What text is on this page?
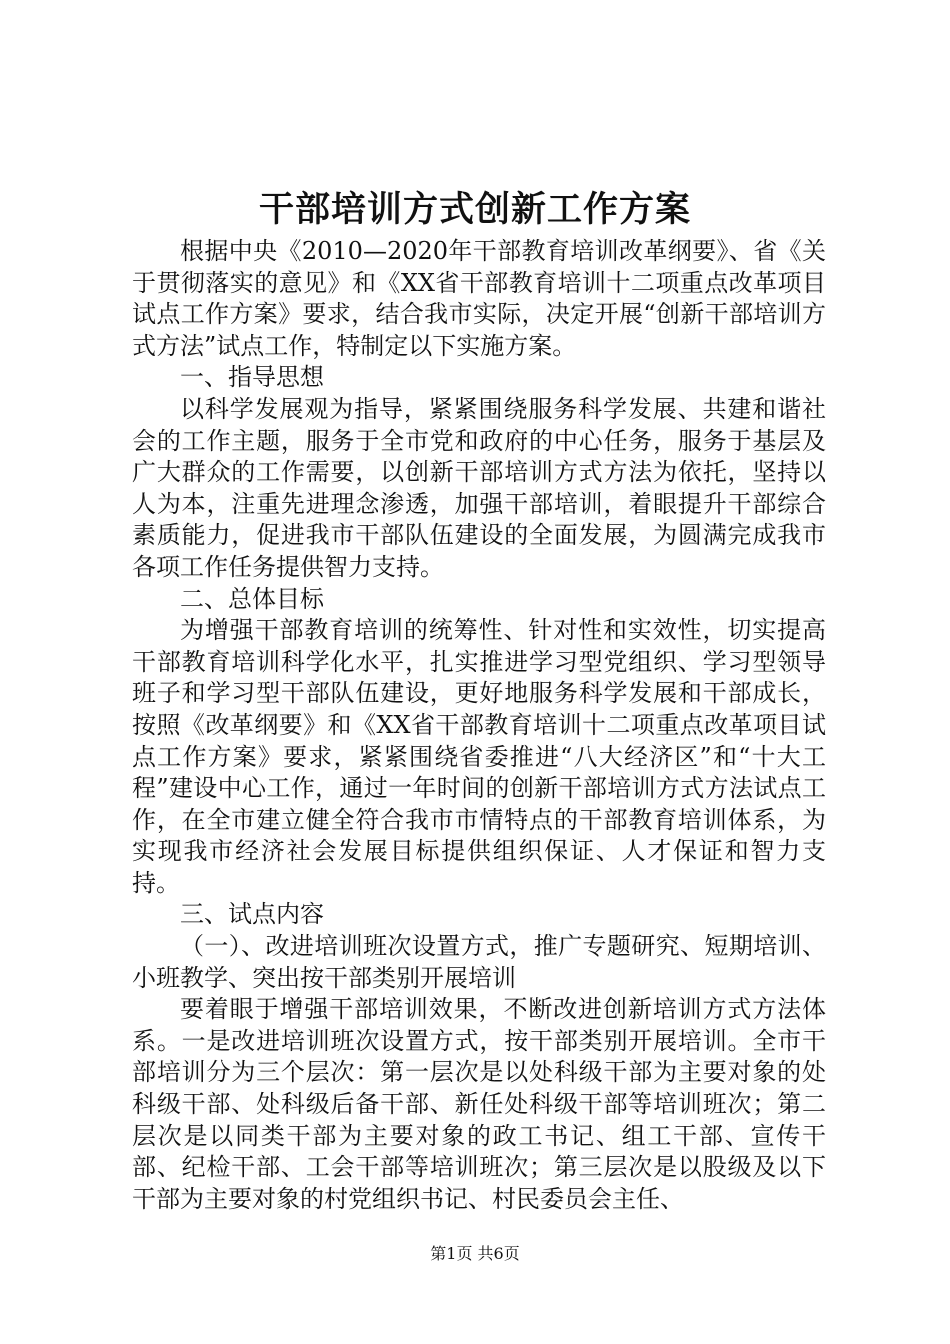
干部培训方式创新工作方案

根据中央《2010—2020年干部教育培训改革纲要》、省《关于贯彻落实的意见》和《XX省干部教育培训十二项重点改革项目试点工作方案》要求，结合我市实际，决定开展“创新干部培训方式方法”试点工作，特制定以下实施方案。

一、指导思想

以科学发展观为指导，紧紧围绕服务科学发展、共建和谐社会的工作主题，服务于全市党和政府的中心任务，服务于基层及广大群众的工作需要，以创新干部培训方式方法为依托，坚持以人为本，注重先进理念渗透，加强干部培训，着眼提升干部综合素质能力，促进我市干部队伍建设的全面发展，为圆满完成我市各项工作任务提供智力支持。

二、总体目标

为增强干部教育培训的统筹性、针对性和实效性，切实提高干部教育培训科学化水平，扎实推进学习型党组织、学习型领导班子和学习型干部队伍建设，更好地服务科学发展和干部成长，按照《改革纲要》和《XX省干部教育培训十二项重点改革项目试点工作方案》要求，紧紧围绕省委推进“八大经济区”和“十大工程”建设中心工作，通过一年时间的创新干部培训方式方法试点工作，在全市建立健全符合我市市情特点的干部教育培训体系，为实现我市经济社会发展目标提供组织保证、人才保证和智力支持。

三、试点内容

（一）、改进培训班次设置方式，推广专题研究、短期培训、小班教学、突出按干部类别开展培训

要着眼于增强干部培训效果，不断改进创新培训方式方法体系。一是改进培训班次设置方式，按干部类别开展培训。全市干部培训分为三个层次：第一层次是以处科级干部为主要对象的处科级干部、处科级后备干部、新任处科级干部等培训班次；第二层次是以同类干部为主要对象的政工书记、组工干部、宣传干部、纪检干部、工会干部等培训班次；第三层次是以股级及以下干部为主要对象的村党组织书记、村民委员会主任、

第1页 共6页
